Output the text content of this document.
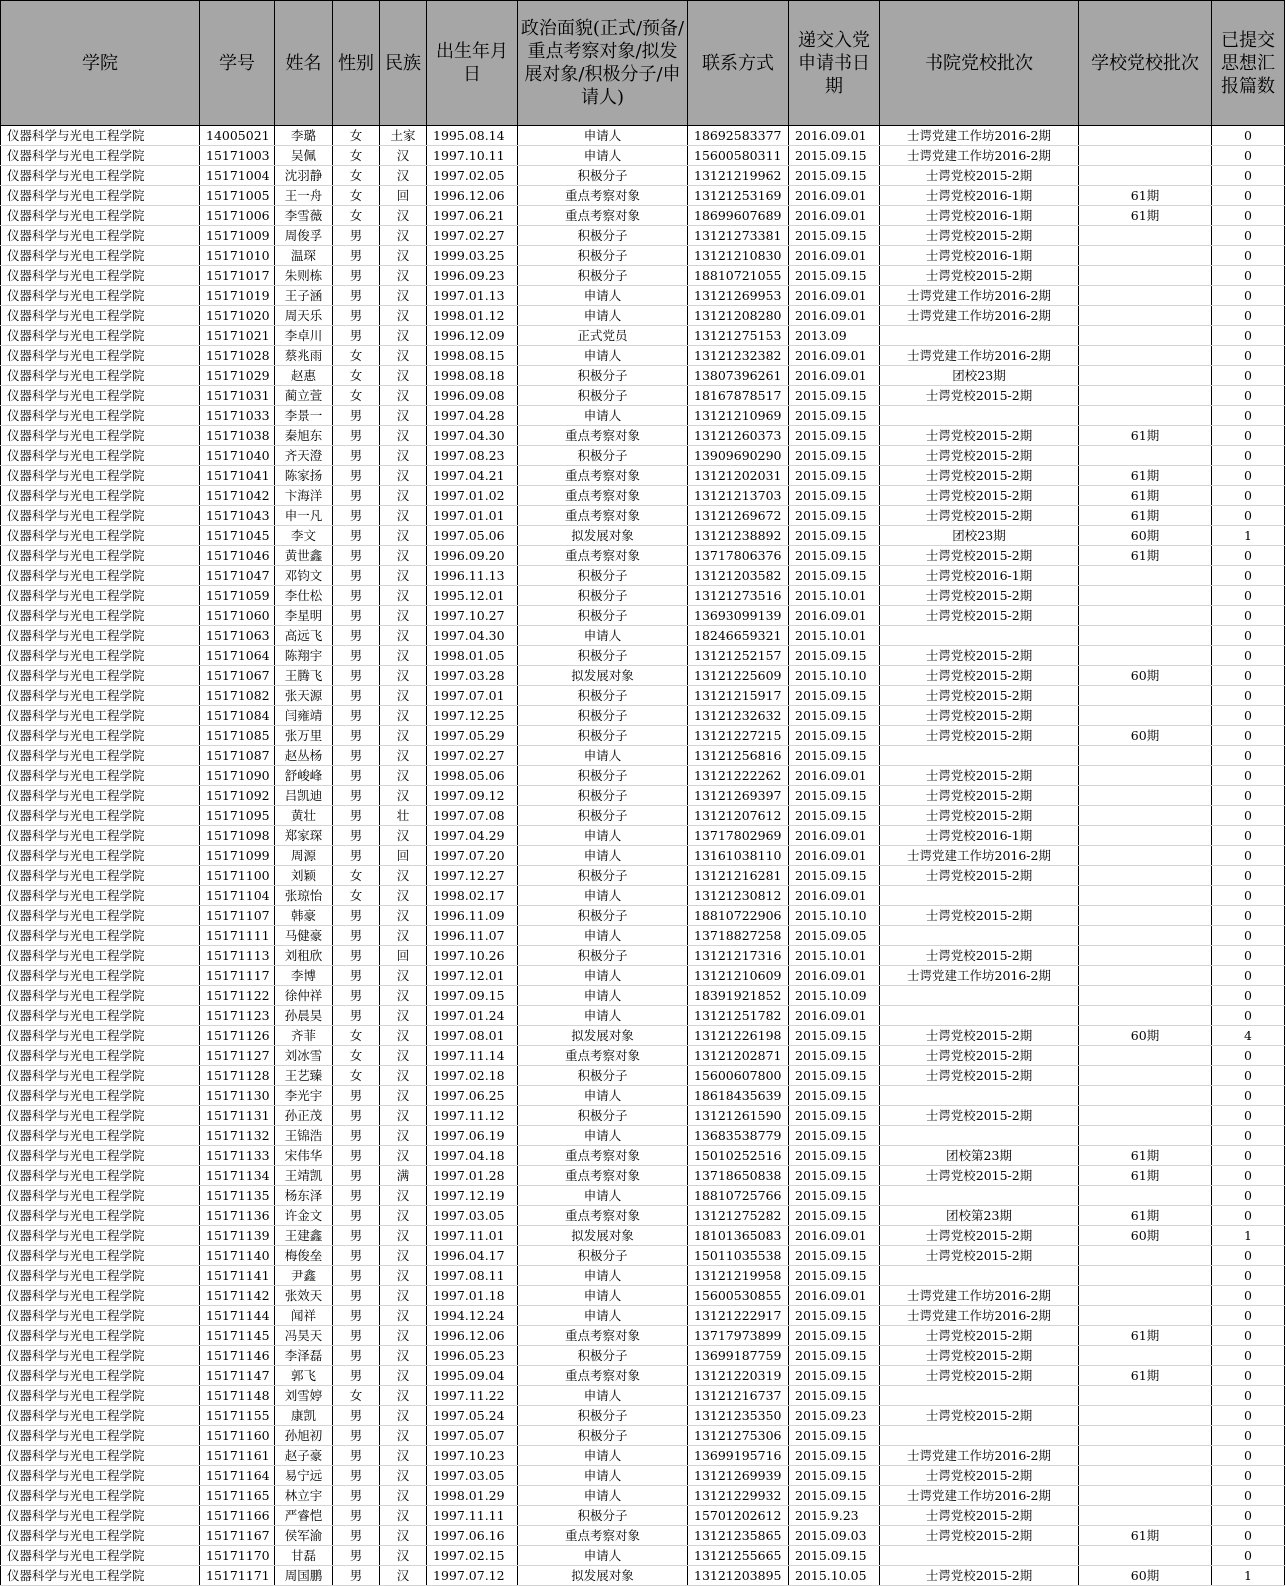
学院	学号	姓名	性别	民族	出生年月日	政治面貌(正式/预备/重点考察对象/拟发展对象/积极分子/申请人)	联系方式	递交入党申请书日期	书院党校批次	学校党校批次	已提交思想汇报篇数
仪器科学与光电工程学院	14005021	李璐	女	土家	1995.08.14	申请人	18692583377	2016.09.01	士谔党建工作坊2016-2期		0
仪器科学与光电工程学院	15171003	吴佩	女	汉	1997.10.11	申请人	15600580311	2015.09.15	士谔党建工作坊2016-2期		0
仪器科学与光电工程学院	15171004	沈羽静	女	汉	1997.02.05	积极分子	13121219962	2015.09.15	士谔党校2015-2期		0
仪器科学与光电工程学院	15171005	王一舟	女	回	1996.12.06	重点考察对象	13121253169	2016.09.01	士谔党校2016-1期	61期	0
仪器科学与光电工程学院	15171006	李雪薇	女	汉	1997.06.21	重点考察对象	18699607689	2016.09.01	士谔党校2016-1期	61期	0
仪器科学与光电工程学院	15171009	周俊孚	男	汉	1997.02.27	积极分子	13121273381	2015.09.15	士谔党校2015-2期		0
仪器科学与光电工程学院	15171010	温琛	男	汉	1999.03.25	积极分子	13121210830	2016.09.01	士谔党校2016-1期		0
仪器科学与光电工程学院	15171017	朱则栋	男	汉	1996.09.23	积极分子	18810721055	2015.09.15	士谔党校2015-2期		0
仪器科学与光电工程学院	15171019	王子涵	男	汉	1997.01.13	申请人	13121269953	2016.09.01	士谔党建工作坊2016-2期		0
仪器科学与光电工程学院	15171020	周天乐	男	汉	1998.01.12	申请人	13121208280	2016.09.01	士谔党建工作坊2016-2期		0
仪器科学与光电工程学院	15171021	李卓川	男	汉	1996.12.09	正式党员	13121275153	2013.09			0
仪器科学与光电工程学院	15171028	蔡兆雨	女	汉	1998.08.15	申请人	13121232382	2016.09.01	士谔党建工作坊2016-2期		0
仪器科学与光电工程学院	15171029	赵惠	女	汉	1998.08.18	积极分子	13807396261	2016.09.01	团校23期		0
仪器科学与光电工程学院	15171031	蔺立萱	女	汉	1996.09.08	积极分子	18167878517	2015.09.15	士谔党校2015-2期		0
仪器科学与光电工程学院	15171033	李景一	男	汉	1997.04.28	申请人	13121210969	2015.09.15			0
仪器科学与光电工程学院	15171038	秦旭东	男	汉	1997.04.30	重点考察对象	13121260373	2015.09.15	士谔党校2015-2期	61期	0
仪器科学与光电工程学院	15171040	齐天澄	男	汉	1997.08.23	积极分子	13909690290	2015.09.15	士谔党校2015-2期		0
仪器科学与光电工程学院	15171041	陈家扬	男	汉	1997.04.21	重点考察对象	13121202031	2015.09.15	士谔党校2015-2期	61期	0
仪器科学与光电工程学院	15171042	卞海洋	男	汉	1997.01.02	重点考察对象	13121213703	2015.09.15	士谔党校2015-2期	61期	0
仪器科学与光电工程学院	15171043	申一凡	男	汉	1997.01.01	重点考察对象	13121269672	2015.09.15	士谔党校2015-2期	61期	0
仪器科学与光电工程学院	15171045	李文	男	汉	1997.05.06	拟发展对象	13121238892	2015.09.15	团校23期	60期	1
仪器科学与光电工程学院	15171046	黄世鑫	男	汉	1996.09.20	重点考察对象	13717806376	2015.09.15	士谔党校2015-2期	61期	0
仪器科学与光电工程学院	15171047	邓钧文	男	汉	1996.11.13	积极分子	13121203582	2015.09.15	士谔党校2016-1期		0
仪器科学与光电工程学院	15171059	李仕松	男	汉	1995.12.01	积极分子	13121273516	2015.10.01	士谔党校2015-2期		0
仪器科学与光电工程学院	15171060	李星明	男	汉	1997.10.27	积极分子	13693099139	2016.09.01	士谔党校2015-2期		0
仪器科学与光电工程学院	15171063	高远飞	男	汉	1997.04.30	申请人	18246659321	2015.10.01			0
仪器科学与光电工程学院	15171064	陈翔宇	男	汉	1998.01.05	积极分子	13121252157	2015.09.15	士谔党校2015-2期		0
仪器科学与光电工程学院	15171067	王腾飞	男	汉	1997.03.28	拟发展对象	13121225609	2015.10.10	士谔党校2015-2期	60期	0
仪器科学与光电工程学院	15171082	张天源	男	汉	1997.07.01	积极分子	13121215917	2015.09.15	士谔党校2015-2期		0
仪器科学与光电工程学院	15171084	闫雍靖	男	汉	1997.12.25	积极分子	13121232632	2015.09.15	士谔党校2015-2期		0
仪器科学与光电工程学院	15171085	张万里	男	汉	1997.05.29	积极分子	13121227215	2015.09.15	士谔党校2015-2期	60期	0
仪器科学与光电工程学院	15171087	赵丛杨	男	汉	1997.02.27	申请人	13121256816	2015.09.15			0
仪器科学与光电工程学院	15171090	舒峻峰	男	汉	1998.05.06	积极分子	13121222262	2016.09.01	士谔党校2015-2期		0
仪器科学与光电工程学院	15171092	吕凯迪	男	汉	1997.09.12	积极分子	13121269397	2015.09.15	士谔党校2015-2期		0
仪器科学与光电工程学院	15171095	黄壮	男	壮	1997.07.08	积极分子	13121207612	2015.09.15	士谔党校2015-2期		0
仪器科学与光电工程学院	15171098	郑家琛	男	汉	1997.04.29	申请人	13717802969	2016.09.01	士谔党校2016-1期		0
仪器科学与光电工程学院	15171099	周源	男	回	1997.07.20	申请人	13161038110	2016.09.01	士谔党建工作坊2016-2期		0
仪器科学与光电工程学院	15171100	刘颖	女	汉	1997.12.27	积极分子	13121216281	2015.09.15	士谔党校2015-2期		0
仪器科学与光电工程学院	15171104	张琼怡	女	汉	1998.02.17	申请人	13121230812	2016.09.01			0
仪器科学与光电工程学院	15171107	韩豪	男	汉	1996.11.09	积极分子	18810722906	2015.10.10	士谔党校2015-2期		0
仪器科学与光电工程学院	15171111	马健豪	男	汉	1996.11.07	申请人	13718827258	2015.09.05			0
仪器科学与光电工程学院	15171113	刘租欣	男	回	1997.10.26	积极分子	13121217316	2015.10.01	士谔党校2015-2期		0
仪器科学与光电工程学院	15171117	李博	男	汉	1997.12.01	申请人	13121210609	2016.09.01	士谔党建工作坊2016-2期		0
仪器科学与光电工程学院	15171122	徐仲祥	男	汉	1997.09.15	申请人	18391921852	2015.10.09			0
仪器科学与光电工程学院	15171123	孙晨昊	男	汉	1997.01.24	申请人	13121251782	2016.09.01			0
仪器科学与光电工程学院	15171126	齐菲	女	汉	1997.08.01	拟发展对象	13121226198	2015.09.15	士谔党校2015-2期	60期	4
仪器科学与光电工程学院	15171127	刘冰雪	女	汉	1997.11.14	重点考察对象	13121202871	2015.09.15	士谔党校2015-2期		0
仪器科学与光电工程学院	15171128	王艺臻	女	汉	1997.02.18	积极分子	15600607800	2015.09.15	士谔党校2015-2期		0
仪器科学与光电工程学院	15171130	李光宇	男	汉	1997.06.25	申请人	18618435639	2015.09.15			0
仪器科学与光电工程学院	15171131	孙正茂	男	汉	1997.11.12	积极分子	13121261590	2015.09.15	士谔党校2015-2期		0
仪器科学与光电工程学院	15171132	王锦浩	男	汉	1997.06.19	申请人	13683538779	2015.09.15			0
仪器科学与光电工程学院	15171133	宋伟华	男	汉	1997.04.18	重点考察对象	15010252516	2015.09.15	团校第23期	61期	0
仪器科学与光电工程学院	15171134	王靖凯	男	满	1997.01.28	重点考察对象	13718650838	2015.09.15	士谔党校2015-2期	61期	0
仪器科学与光电工程学院	15171135	杨东泽	男	汉	1997.12.19	申请人	18810725766	2015.09.15			0
仪器科学与光电工程学院	15171136	许金文	男	汉	1997.03.05	重点考察对象	13121275282	2015.09.15	团校第23期	61期	0
仪器科学与光电工程学院	15171139	王建鑫	男	汉	1997.11.01	拟发展对象	18101365083	2016.09.01	士谔党校2015-2期	60期	1
仪器科学与光电工程学院	15171140	梅俊垒	男	汉	1996.04.17	积极分子	15011035538	2015.09.15	士谔党校2015-2期		0
仪器科学与光电工程学院	15171141	尹鑫	男	汉	1997.08.11	申请人	13121219958	2015.09.15			0
仪器科学与光电工程学院	15171142	张效天	男	汉	1997.01.18	申请人	15600530855	2016.09.01	士谔党建工作坊2016-2期		0
仪器科学与光电工程学院	15171144	闻祥	男	汉	1994.12.24	申请人	13121222917	2015.09.15	士谔党建工作坊2016-2期		0
仪器科学与光电工程学院	15171145	冯昊天	男	汉	1996.12.06	重点考察对象	13717973899	2015.09.15	士谔党校2015-2期	61期	0
仪器科学与光电工程学院	15171146	李泽磊	男	汉	1996.05.23	积极分子	13699187759	2015.09.15	士谔党校2015-2期		0
仪器科学与光电工程学院	15171147	郭飞	男	汉	1995.09.04	重点考察对象	13121220319	2015.09.15	士谔党校2015-2期	61期	0
仪器科学与光电工程学院	15171148	刘雪婷	女	汉	1997.11.22	申请人	13121216737	2015.09.15			0
仪器科学与光电工程学院	15171155	康凯	男	汉	1997.05.24	积极分子	13121235350	2015.09.23	士谔党校2015-2期		0
仪器科学与光电工程学院	15171160	孙旭初	男	汉	1997.05.07	积极分子	13121275306	2015.09.15			0
仪器科学与光电工程学院	15171161	赵子豪	男	汉	1997.10.23	申请人	13699195716	2015.09.15	士谔党建工作坊2016-2期		0
仪器科学与光电工程学院	15171164	易宁远	男	汉	1997.03.05	申请人	13121269939	2015.09.15	士谔党校2015-2期		0
仪器科学与光电工程学院	15171165	林立宇	男	汉	1998.01.29	申请人	13121229932	2015.09.15	士谔党建工作坊2016-2期		0
仪器科学与光电工程学院	15171166	严睿恺	男	汉	1997.11.11	积极分子	15701202612	2015.9.23	士谔党校2015-2期		0
仪器科学与光电工程学院	15171167	侯军渝	男	汉	1997.06.16	重点考察对象	13121235865	2015.09.03	士谔党校2015-2期	61期	0
仪器科学与光电工程学院	15171170	甘磊	男	汉	1997.02.15	申请人	13121255665	2015.09.15			0
仪器科学与光电工程学院	15171171	周国鹏	男	汉	1997.07.12	拟发展对象	13121203895	2015.10.05	士谔党校2015-2期	60期	1
